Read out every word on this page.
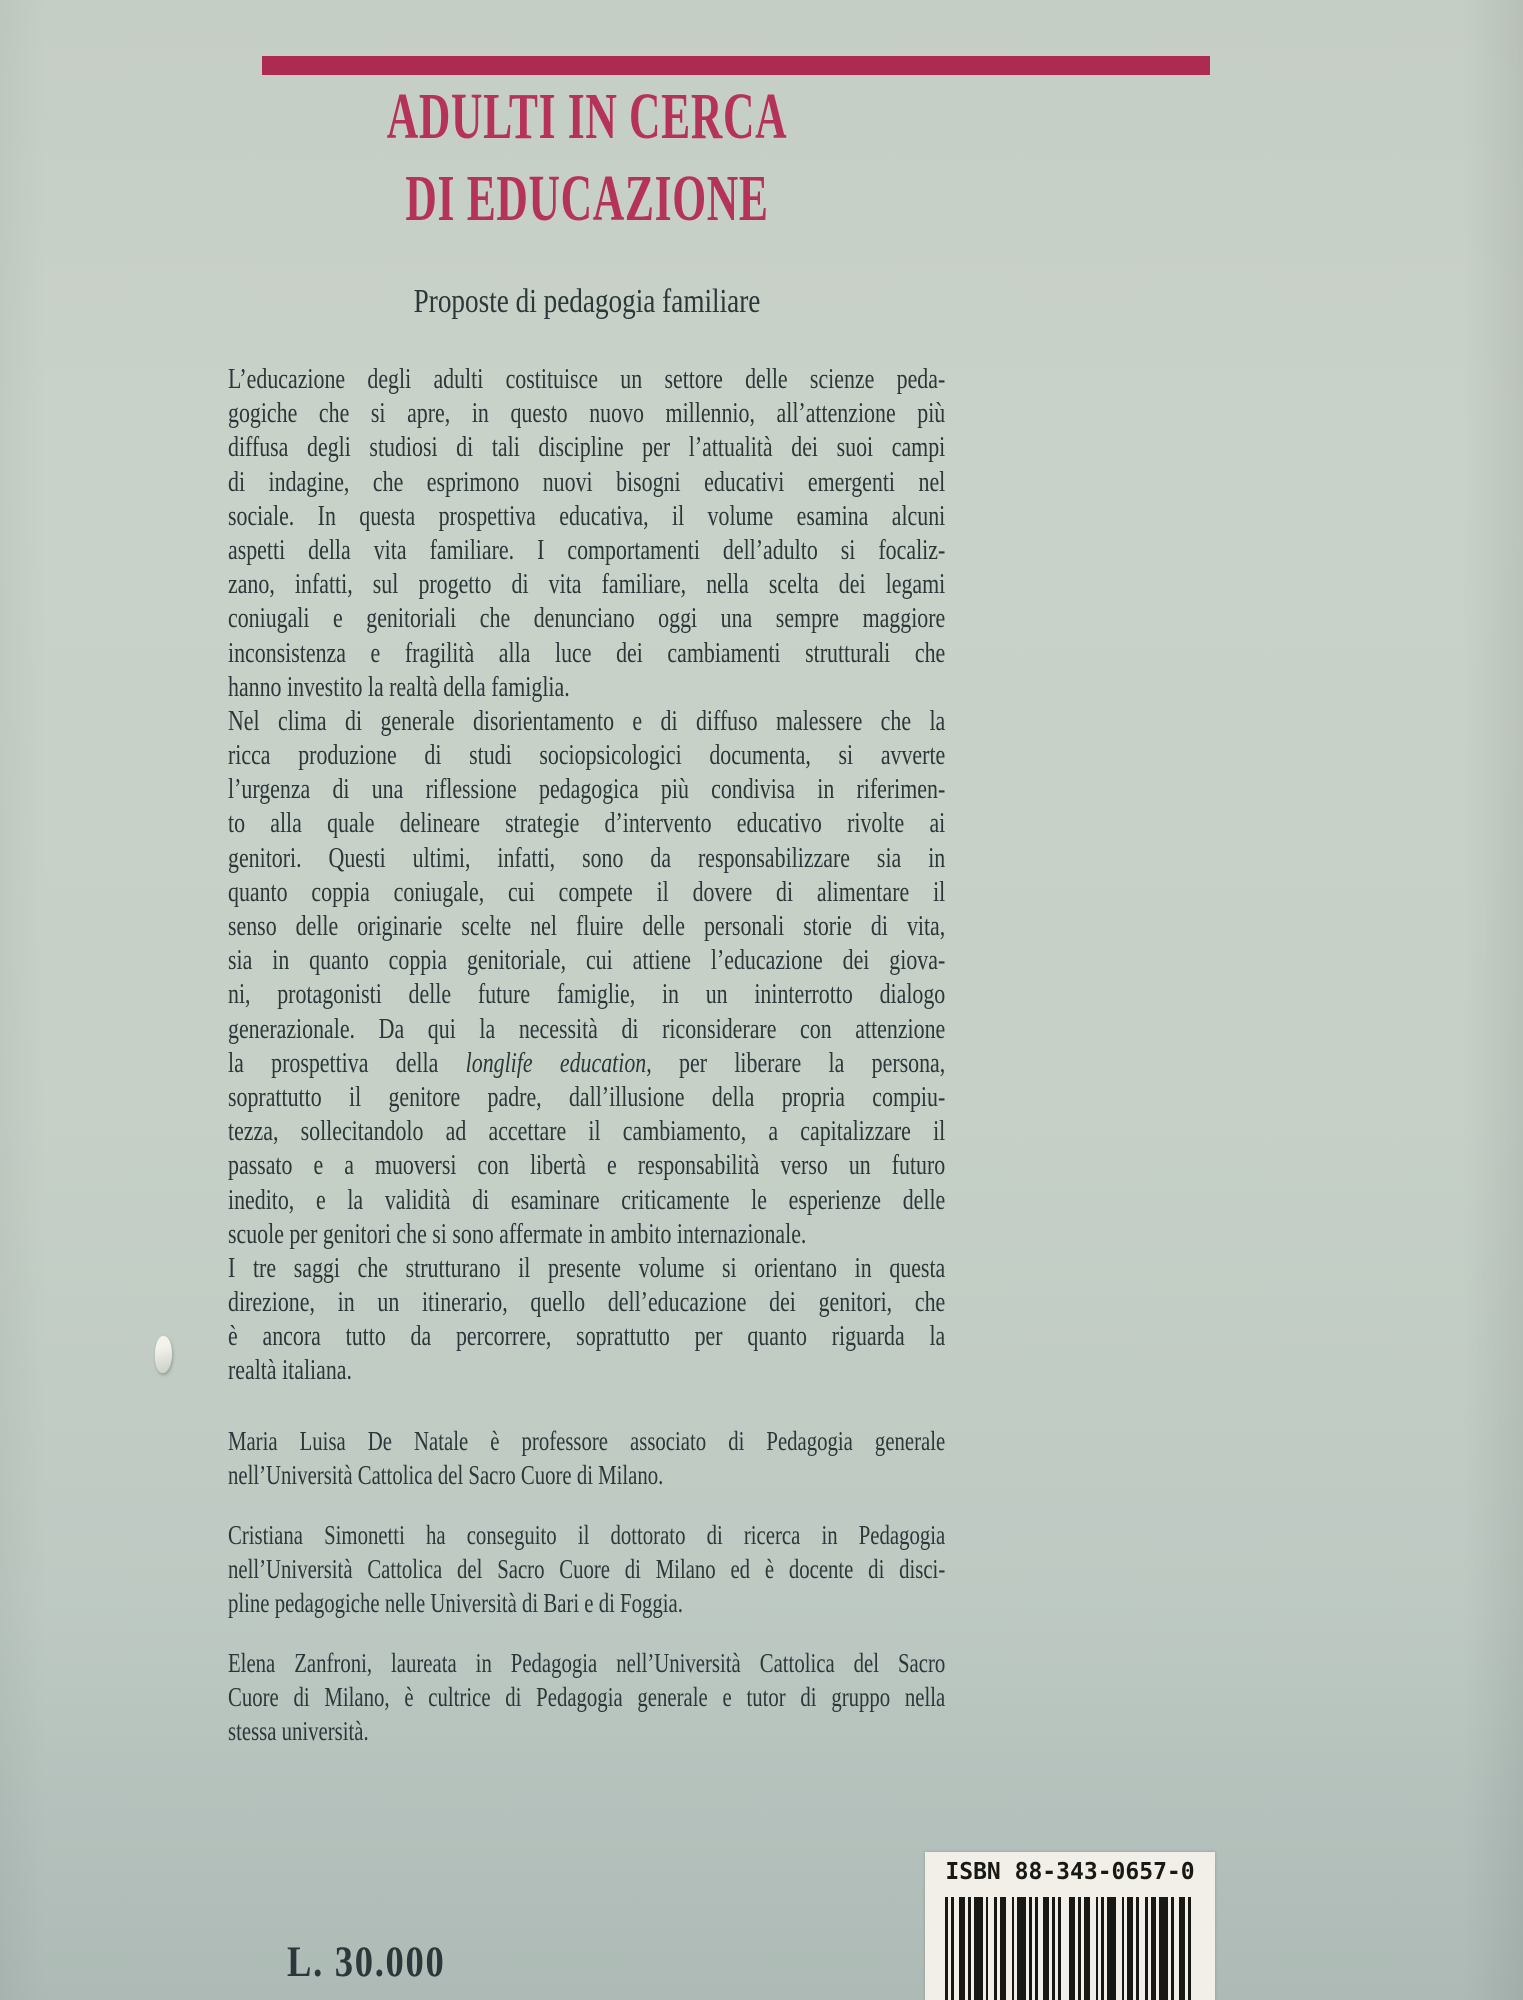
ADULTI IN CERCA
DI EDUCAZIONE
Proposte di pedagogia familiare
L’educazione degli adulti costituisce un settore delle scienze peda-
gogiche che si apre, in questo nuovo millennio, all’attenzione più
diffusa degli studiosi di tali discipline per l’attualità dei suoi campi
di indagine, che esprimono nuovi bisogni educativi emergenti nel
sociale. In questa prospettiva educativa, il volume esamina alcuni
aspetti della vita familiare. I comportamenti dell’adulto si focaliz-
zano, infatti, sul progetto di vita familiare, nella scelta dei legami
coniugali e genitoriali che denunciano oggi una sempre maggiore
inconsistenza e fragilità alla luce dei cambiamenti strutturali che
hanno investito la realtà della famiglia.
Nel clima di generale disorientamento e di diffuso malessere che la
ricca produzione di studi sociopsicologici documenta, si avverte
l’urgenza di una riflessione pedagogica più condivisa in riferimen-
to alla quale delineare strategie d’intervento educativo rivolte ai
genitori. Questi ultimi, infatti, sono da responsabilizzare sia in
quanto coppia coniugale, cui compete il dovere di alimentare il
senso delle originarie scelte nel fluire delle personali storie di vita,
sia in quanto coppia genitoriale, cui attiene l’educazione dei giova-
ni, protagonisti delle future famiglie, in un ininterrotto dialogo
generazionale. Da qui la necessità di riconsiderare con attenzione
la prospettiva della longlife education, per liberare la persona,
soprattutto il genitore padre, dall’illusione della propria compiu-
tezza, sollecitandolo ad accettare il cambiamento, a capitalizzare il
passato e a muoversi con libertà e responsabilità verso un futuro
inedito, e la validità di esaminare criticamente le esperienze delle
scuole per genitori che si sono affermate in ambito internazionale.
I tre saggi che strutturano il presente volume si orientano in questa
direzione, in un itinerario, quello dell’educazione dei genitori, che
è ancora tutto da percorrere, soprattutto per quanto riguarda la
realtà italiana.
Maria Luisa De Natale è professore associato di Pedagogia generale
nell’Università Cattolica del Sacro Cuore di Milano.
Cristiana Simonetti ha conseguito il dottorato di ricerca in Pedagogia
nell’Università Cattolica del Sacro Cuore di Milano ed è docente di disci-
pline pedagogiche nelle Università di Bari e di Foggia.
Elena Zanfroni, laureata in Pedagogia nell’Università Cattolica del Sacro
Cuore di Milano, è cultrice di Pedagogia generale e tutor di gruppo nella
stessa università.
L. 30.000
ISBN 88-343-0657-0
